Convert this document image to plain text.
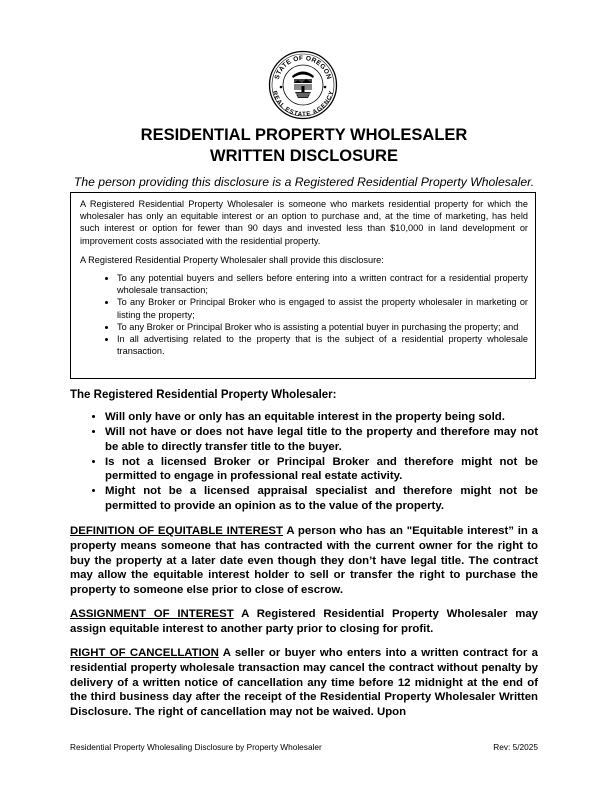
STATE OF OREGON
REAL ESTATE AGENCY
RESIDENTIAL PROPERTY WHOLESALER
WRITTEN DISCLOSURE
The person providing this disclosure is a Registered Residential Property Wholesaler.

A Registered Residential Property Wholesaler is someone who markets residential property for which the wholesaler has only an equitable interest or an option to purchase and, at the time of marketing, has held such interest or option for fewer than 90 days and invested less than $10,000 in land development or improvement costs associated with the residential property.

A Registered Residential Property Wholesaler shall provide this disclosure:

• To any potential buyers and sellers before entering into a written contract for a residential property wholesale transaction;
• To any Broker or Principal Broker who is engaged to assist the property wholesaler in marketing or listing the property;
• To any Broker or Principal Broker who is assisting a potential buyer in purchasing the property; and
• In all advertising related to the property that is the subject of a residential property wholesale transaction.
The Registered Residential Property Wholesaler:
• Will only have or only has an equitable interest in the property being sold.
• Will not have or does not have legal title to the property and therefore may not be able to directly transfer title to the buyer.
• Is not a licensed Broker or Principal Broker and therefore might not be permitted to engage in professional real estate activity.
• Might not be a licensed appraisal specialist and therefore might not be permitted to provide an opinion as to the value of the property.

DEFINITION OF EQUITABLE INTEREST A person who has an "Equitable interest” in a property means someone that has contracted with the current owner for the right to buy the property at a later date even though they don’t have legal title. The contract may allow the equitable interest holder to sell or transfer the right to purchase the property to someone else prior to close of escrow.

ASSIGNMENT OF INTEREST A Registered Residential Property Wholesaler may assign equitable interest to another party prior to closing for profit.

RIGHT OF CANCELLATION A seller or buyer who enters into a written contract for a residential property wholesale transaction may cancel the contract without penalty by delivery of a written notice of cancellation any time before 12 midnight at the end of the third business day after the receipt of the Residential Property Wholesaler Written Disclosure. The right of cancellation may not be waived. Upon

Residential Property Wholesaling Disclosure by Property Wholesaler	Rev: 5/2025
